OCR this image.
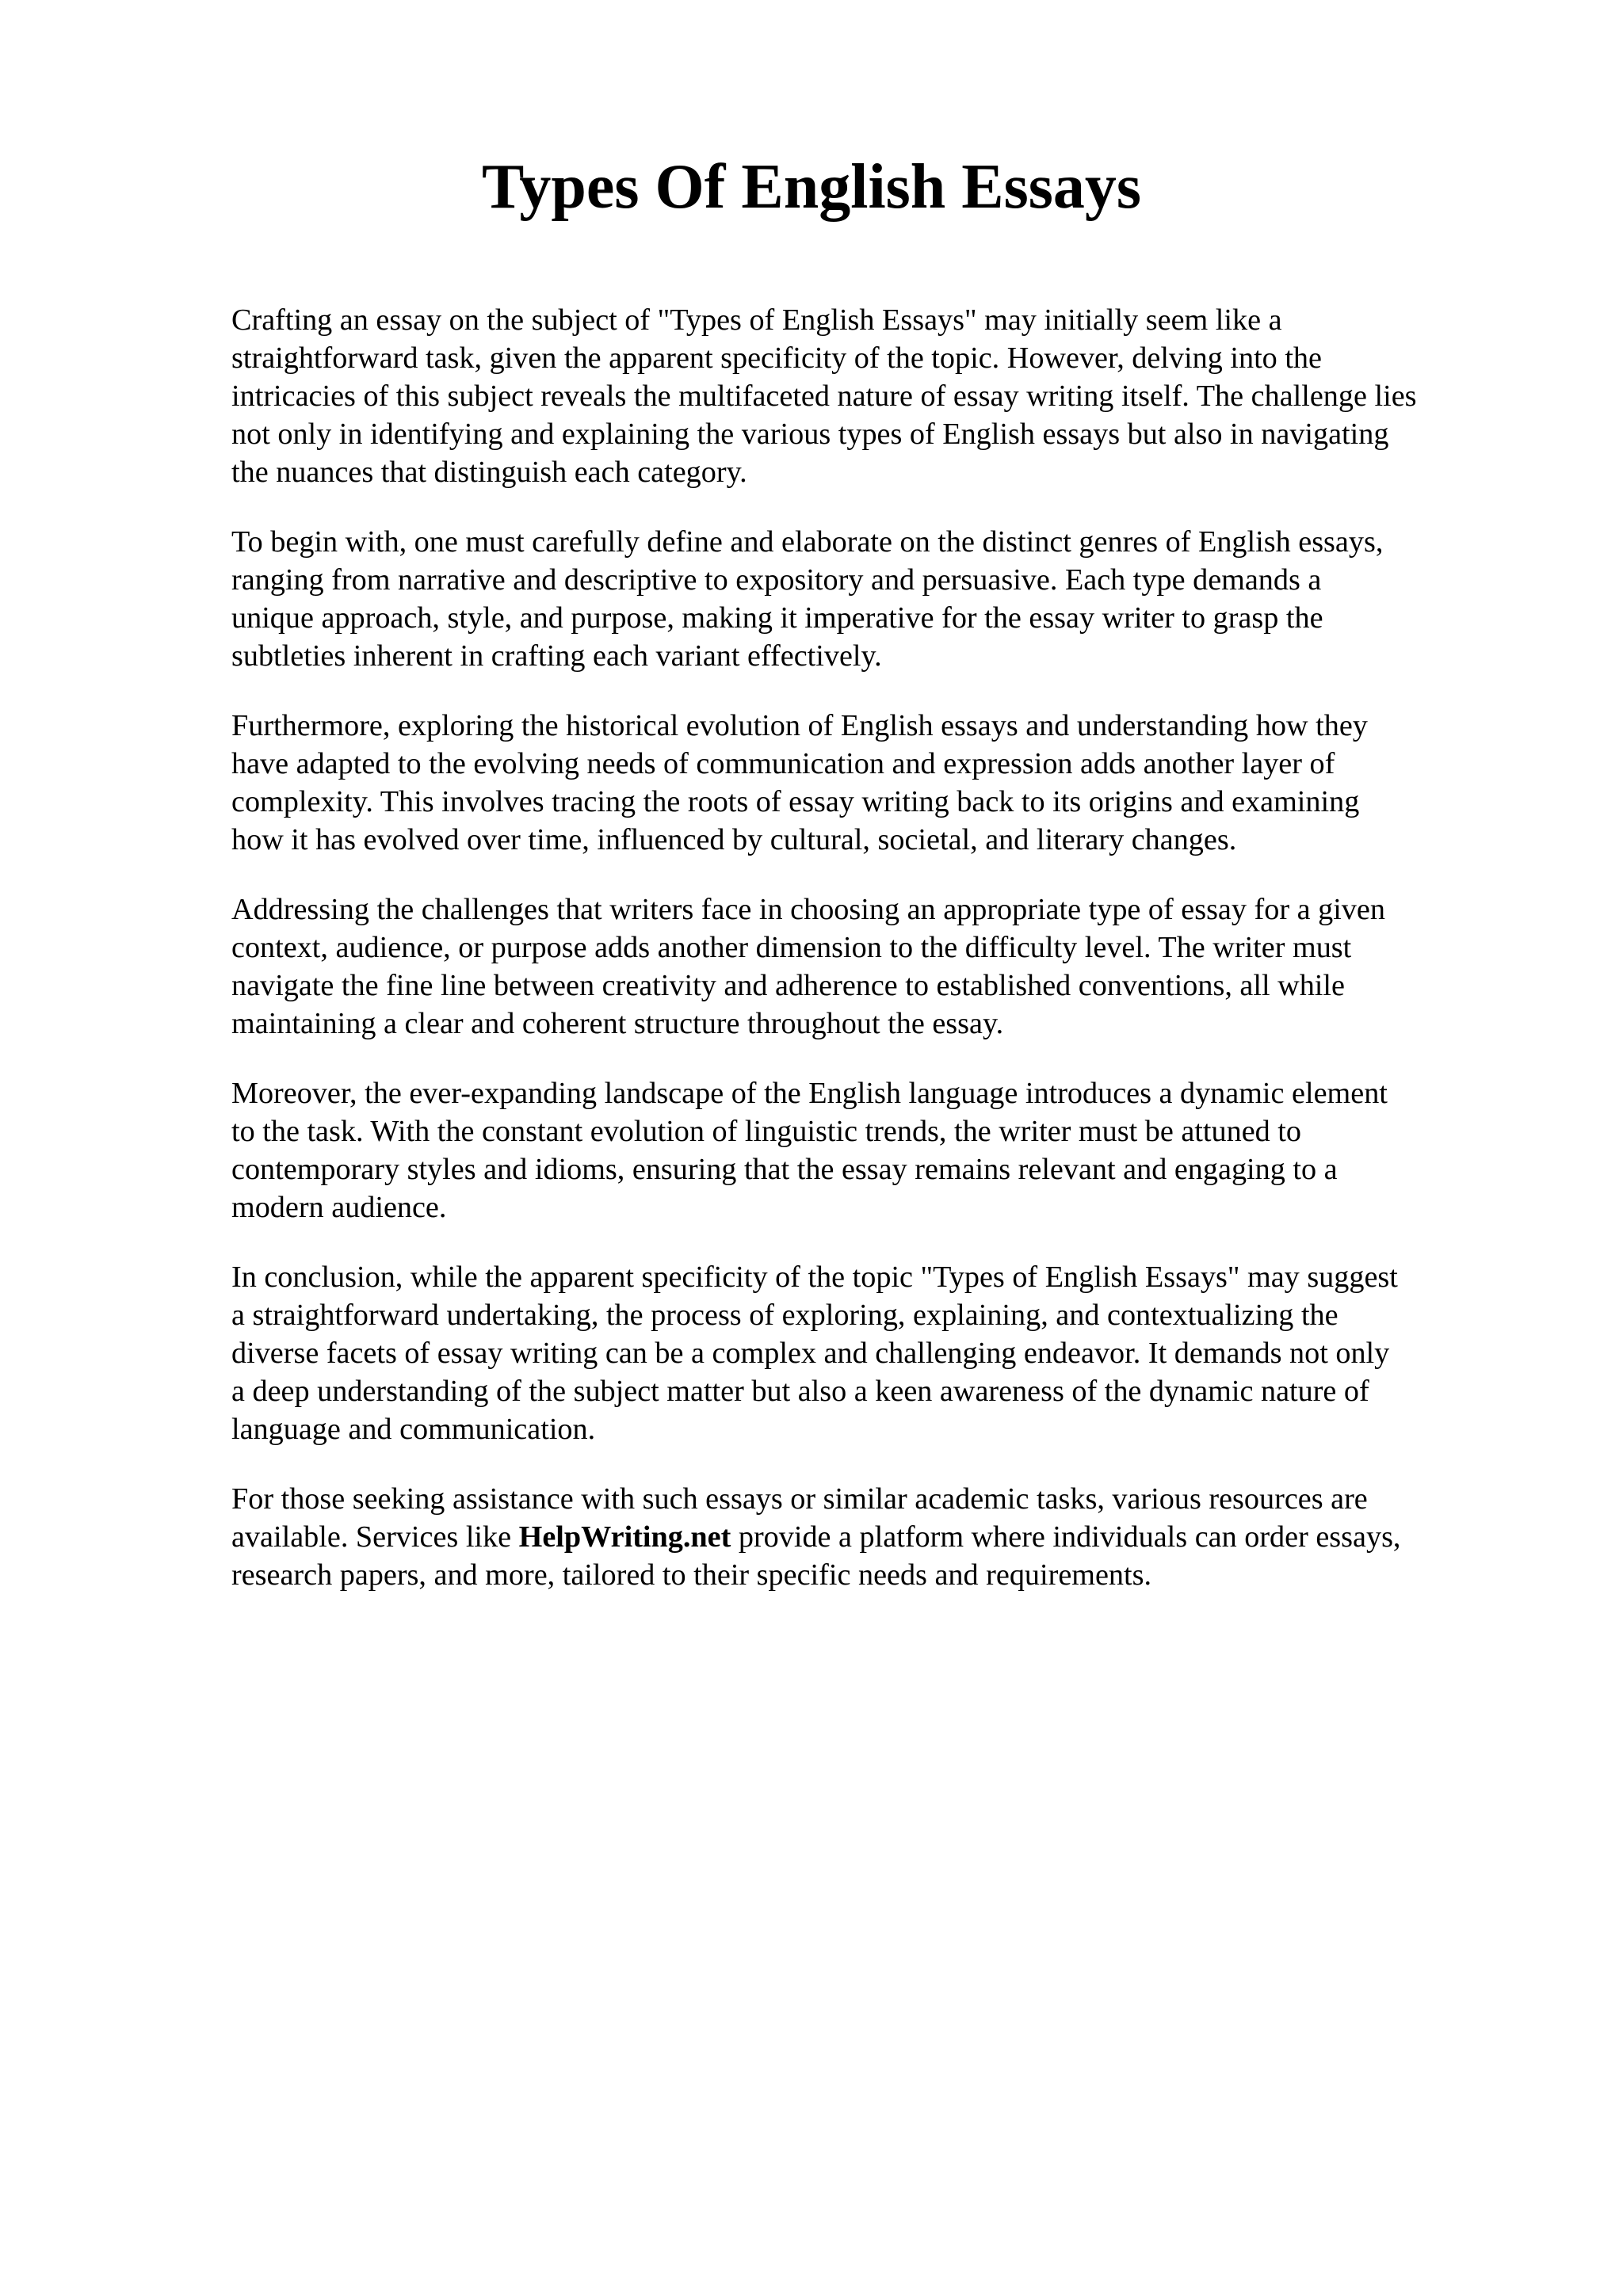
Types Of English Essays

Crafting an essay on the subject of "Types of English Essays" may initially seem like a
straightforward task, given the apparent specificity of the topic. However, delving into the
intricacies of this subject reveals the multifaceted nature of essay writing itself. The challenge lies
not only in identifying and explaining the various types of English essays but also in navigating
the nuances that distinguish each category.

To begin with, one must carefully define and elaborate on the distinct genres of English essays,
ranging from narrative and descriptive to expository and persuasive. Each type demands a
unique approach, style, and purpose, making it imperative for the essay writer to grasp the
subtleties inherent in crafting each variant effectively.

Furthermore, exploring the historical evolution of English essays and understanding how they
have adapted to the evolving needs of communication and expression adds another layer of
complexity. This involves tracing the roots of essay writing back to its origins and examining
how it has evolved over time, influenced by cultural, societal, and literary changes.

Addressing the challenges that writers face in choosing an appropriate type of essay for a given
context, audience, or purpose adds another dimension to the difficulty level. The writer must
navigate the fine line between creativity and adherence to established conventions, all while
maintaining a clear and coherent structure throughout the essay.

Moreover, the ever-expanding landscape of the English language introduces a dynamic element
to the task. With the constant evolution of linguistic trends, the writer must be attuned to
contemporary styles and idioms, ensuring that the essay remains relevant and engaging to a
modern audience.

In conclusion, while the apparent specificity of the topic "Types of English Essays" may suggest
a straightforward undertaking, the process of exploring, explaining, and contextualizing the
diverse facets of essay writing can be a complex and challenging endeavor. It demands not only
a deep understanding of the subject matter but also a keen awareness of the dynamic nature of
language and communication.

For those seeking assistance with such essays or similar academic tasks, various resources are
available. Services like HelpWriting.net provide a platform where individuals can order essays,
research papers, and more, tailored to their specific needs and requirements.
